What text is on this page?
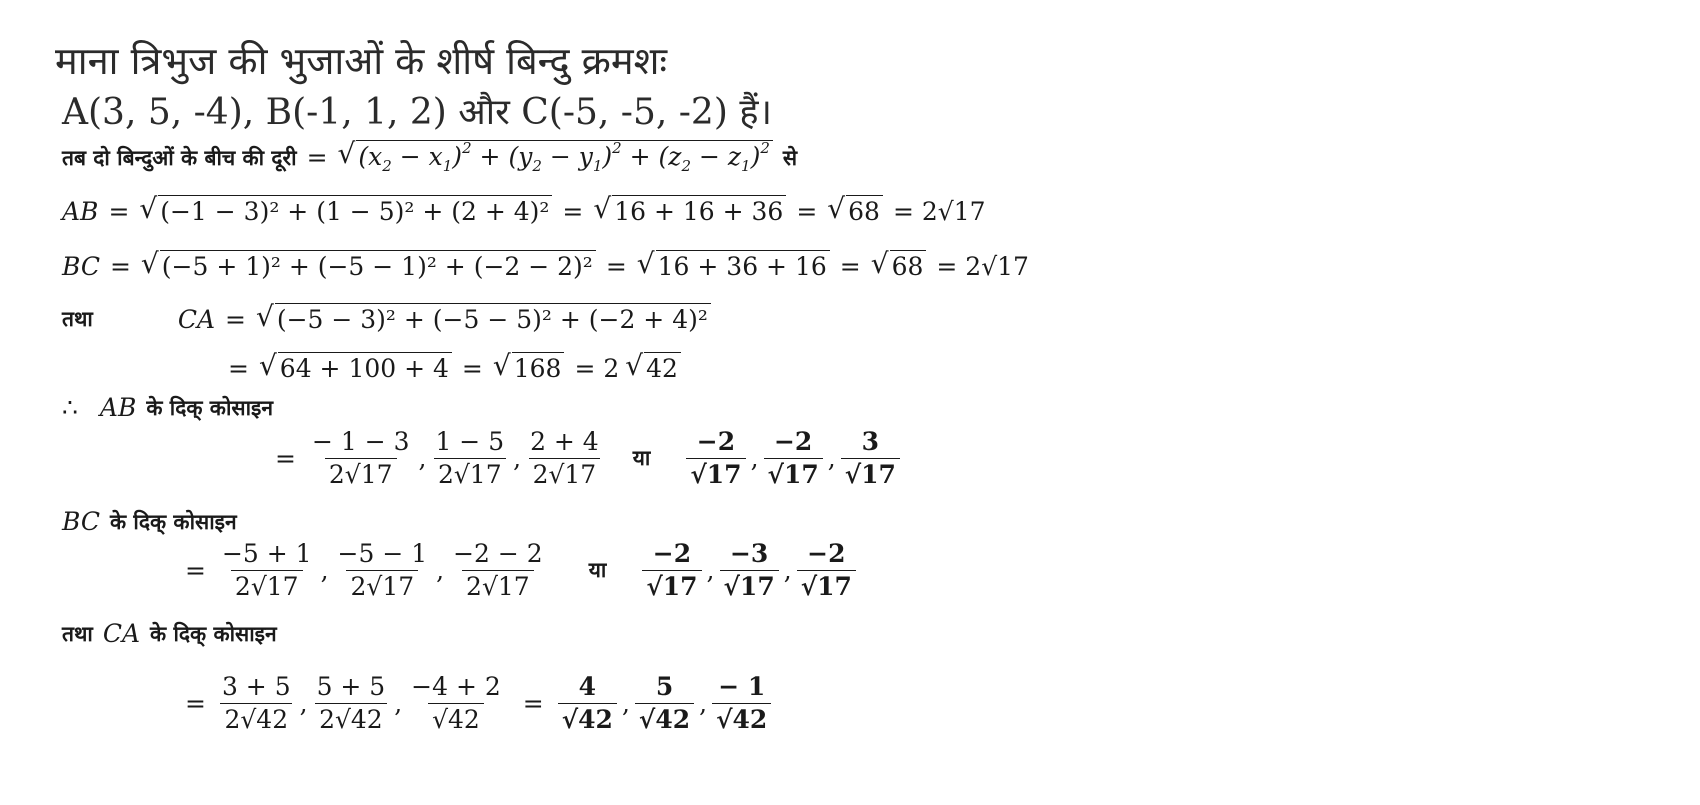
माना त्रिभुज की भुजाओं के शीर्ष बिन्दु क्रमशः
A(3, 5, -4), B(-1, 1, 2) और C(-5, -5, -2) हैं।
तब दो बिन्दुओं के बीच की दूरी = √ $(x_2 - x_1)^2 + (y_2 - y_1)^2 + (z_2 - z_1)^2$ से
AB = √ (−1 − 3)² + (1 − 5)² + (2 + 4)² = √ 16 + 16 + 36 = √ 68 = 2 √17
BC = √ (−5 + 1)² + (−5 − 1)² + (−2 − 2)² = √ 16 + 36 + 16 = √ 68 = 2 √17
तथा	CA = √ (−5 − 3)² + (−5 − 5)² + (−2 + 4)²
= √ 64 + 100 + 4 = √ 168 = 2 √ 42
∴ AB के दिक् कोसाइन
= $\frac{- 1 - 3}{2√17}$ , $\frac{1 - 5}{2√17}$ , $\frac{2 + 4}{2√17}$ या $\frac{-2}{√17}$ , $\frac{-2}{√17}$ , $\frac{3}{√17}$
BC के दिक् कोसाइन
= $\frac{-5 + 1}{2√17}$ , $\frac{-5 - 1}{2√17}$ , $\frac{-2 - 2}{2√17}$ या $\frac{-2}{√17}$ , $\frac{-3}{√17}$ , $\frac{-2}{√17}$
तथा CA के दिक् कोसाइन
= $\frac{3 + 5}{2√42}$ , $\frac{5 + 5}{2√42}$ , $\frac{-4 + 2}{√42} = \frac{4}{√42}$ , $\frac{5}{√42}$ , $\frac{- 1}{√42}$
